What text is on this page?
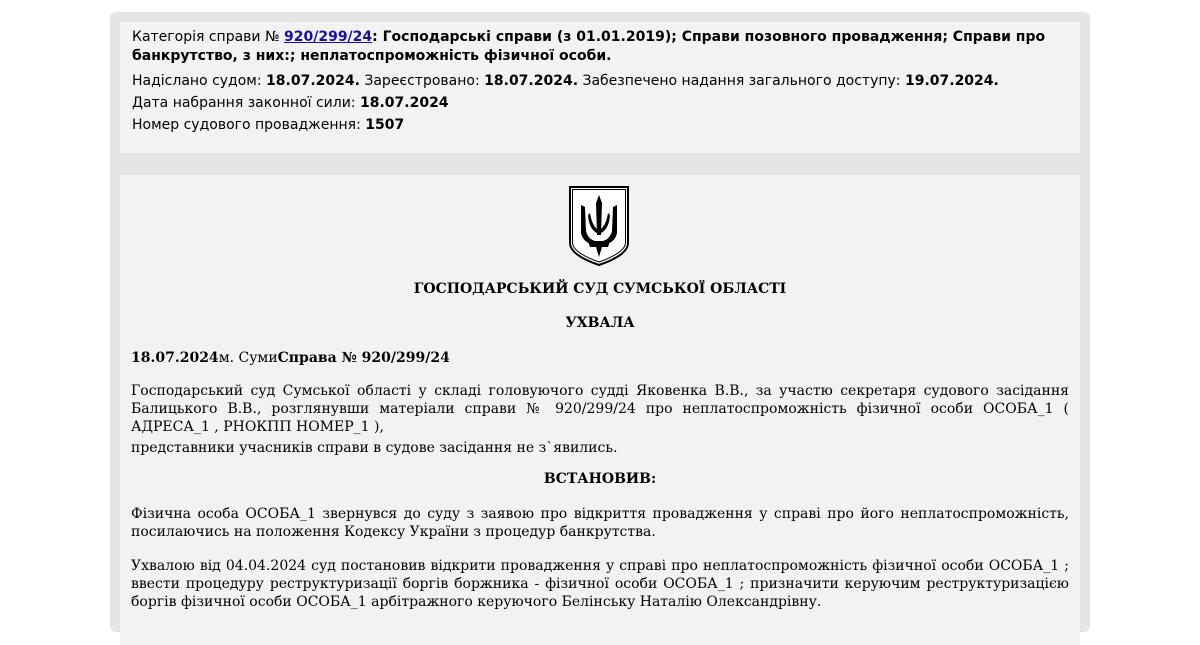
Категорія справи № 920/299/24: Господарські справи (з 01.01.2019); Справи позовного провадження; Справи про банкрутство, з них:; неплатоспроможність фізичної особи.
Надіслано судом: 18.07.2024. Зареєстровано: 18.07.2024. Забезпечено надання загального доступу: 19.07.2024.
Дата набрання законної сили: 18.07.2024
Номер судового провадження: 1507
ГОСПОДАРСЬКИЙ СУД СУМСЬКОЇ ОБЛАСТІ
УХВАЛА
18.07.2024м. СумиСправа № 920/299/24
Господарський суд Сумської області у складі головуючого судді Яковенка В.В., за участю секретаря судового засідання Балицького В.В., розглянувши матеріали справи № 920/299/24 про неплатоспроможність фізичної особи ОСОБА_1 ( АДРЕСА_1 , РНОКПП НОМЕР_1 ),
представники учасників справи в судове засідання не з`явились.
ВСТАНОВИВ:
Фізична особа ОСОБА_1 звернувся до суду з заявою про відкриття провадження у справі про його неплатоспроможність, посилаючись на положення Кодексу України з процедур банкрутства.
Ухвалою від 04.04.2024 суд постановив відкрити провадження у справі про неплатоспроможність фізичної особи ОСОБА_1 ; ввести процедуру реструктуризації боргів боржника - фізичної особи ОСОБА_1 ; призначити керуючим реструктуризацією боргів фізичної особи ОСОБА_1 арбітражного керуючого Белінську Наталію Олександрівну.
